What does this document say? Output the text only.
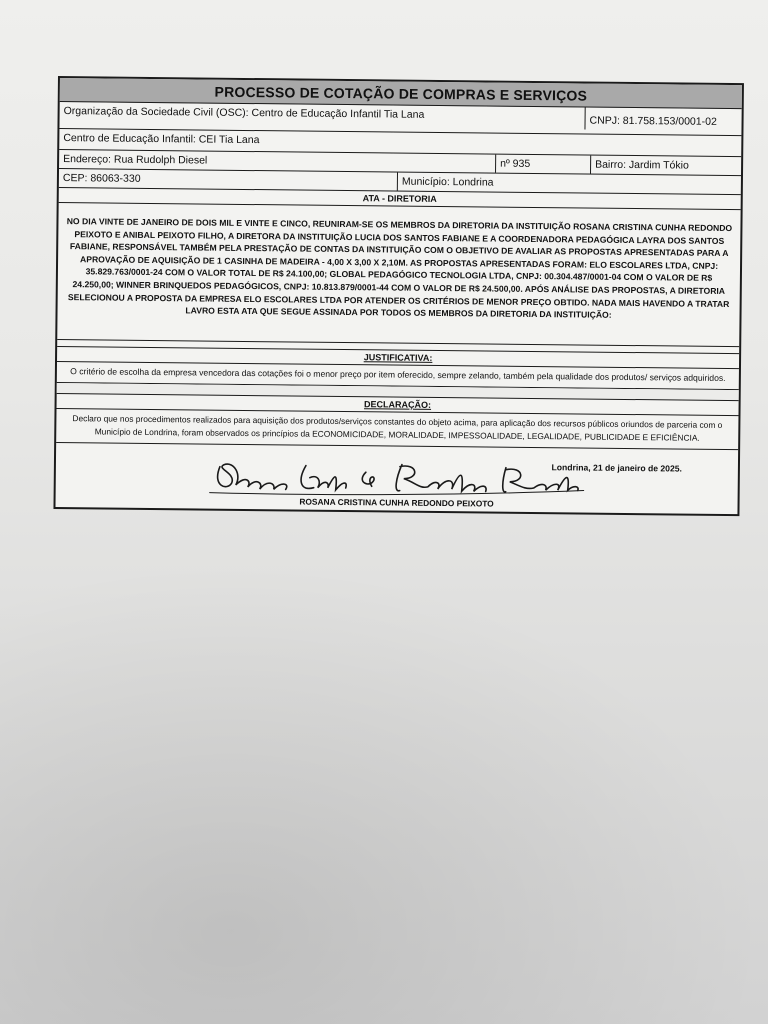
PROCESSO DE COTAÇÃO DE COMPRAS E SERVIÇOS
Organização da Sociedade Civil (OSC): Centro de Educação Infantil Tia Lana
CNPJ: 81.758.153/0001-02
Centro de Educação Infantil: CEI Tia Lana
Endereço: Rua Rudolph Diesel	nº 935	Bairro: Jardim Tókio
CEP: 86063-330	Município: Londrina
ATA - DIRETORIA
NO DIA VINTE DE JANEIRO DE DOIS MIL E VINTE E CINCO, REUNIRAM-SE OS MEMBROS DA DIRETORIA DA INSTITUIÇÃO ROSANA CRISTINA CUNHA REDONDO PEIXOTO E ANIBAL PEIXOTO FILHO, A DIRETORA DA INSTITUIÇÃO LUCIA DOS SANTOS FABIANE E A COORDENADORA PEDAGÓGICA LAYRA DOS SANTOS FABIANE, RESPONSÁVEL TAMBÉM PELA PRESTAÇÃO DE CONTAS DA INSTITUIÇÃO COM O OBJETIVO DE AVALIAR AS PROPOSTAS APRESENTADAS PARA A APROVAÇÃO DE AQUISIÇÃO DE 1 CASINHA DE MADEIRA - 4,00 X 3,00 X 2,10M. AS PROPOSTAS APRESENTADAS FORAM: ELO ESCOLARES LTDA, CNPJ: 35.829.763/0001-24 COM O VALOR TOTAL DE R$ 24.100,00; GLOBAL PEDAGÓGICO TECNOLOGIA LTDA, CNPJ: 00.304.487/0001-04 COM O VALOR DE R$ 24.250,00; WINNER BRINQUEDOS PEDAGÓGICOS, CNPJ: 10.813.879/0001-44 COM O VALOR DE R$ 24.500,00. APÓS ANÁLISE DAS PROPOSTAS, A DIRETORIA SELECIONOU A PROPOSTA DA EMPRESA ELO ESCOLARES LTDA POR ATENDER OS CRITÉRIOS DE MENOR PREÇO OBTIDO. NADA MAIS HAVENDO A TRATAR LAVRO ESTA ATA QUE SEGUE ASSINADA POR TODOS OS MEMBROS DA DIRETORIA DA INSTITUIÇÃO:
JUSTIFICATIVA:
O critério de escolha da empresa vencedora das cotações foi o menor preço por item oferecido, sempre zelando, também pela qualidade dos produtos/ serviços adquiridos.
DECLARAÇÃO:
Declaro que nos procedimentos realizados para aquisição dos produtos/serviços constantes do objeto acima, para aplicação dos recursos públicos oriundos de parceria com o Município de Londrina, foram observados os princípios da ECONOMICIDADE, MORALIDADE, IMPESSOALIDADE, LEGALIDADE, PUBLICIDADE E EFICIÊNCIA.
Londrina, 21 de janeiro de 2025.
ROSANA CRISTINA CUNHA REDONDO PEIXOTO
